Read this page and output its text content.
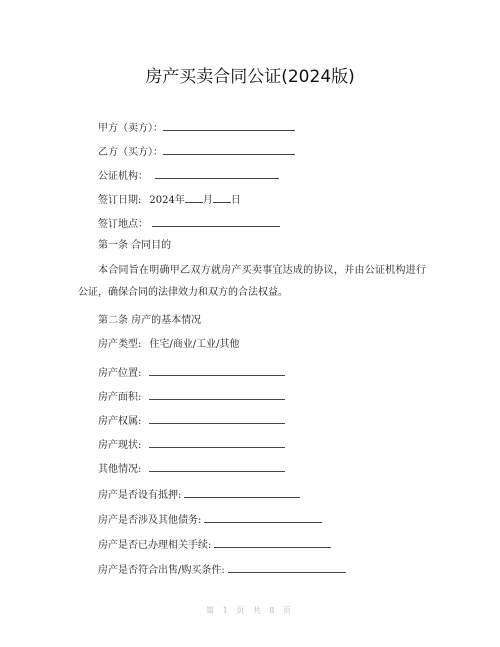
房产买卖合同公证(2024版)
甲方（卖方）：
乙方（买方）：
公证机构：
签订日期: 2024年 月 日
签订地点：
第一条 合同目的
本合同旨在明确甲乙双方就房产买卖事宜达成的协议，并由公证机构进行公证，确保合同的法律效力和双方的合法权益。
第二条 房产的基本情况
房产类型: 住宅/商业/工业/其他
房产位置:
房产面积:
房产权属:
房产现状:
其他情况:
房产是否设有抵押:
房产是否涉及其他债务:
房产是否已办理相关手续:
房产是否符合出售/购买条件:
第 1 页 共 8 页
